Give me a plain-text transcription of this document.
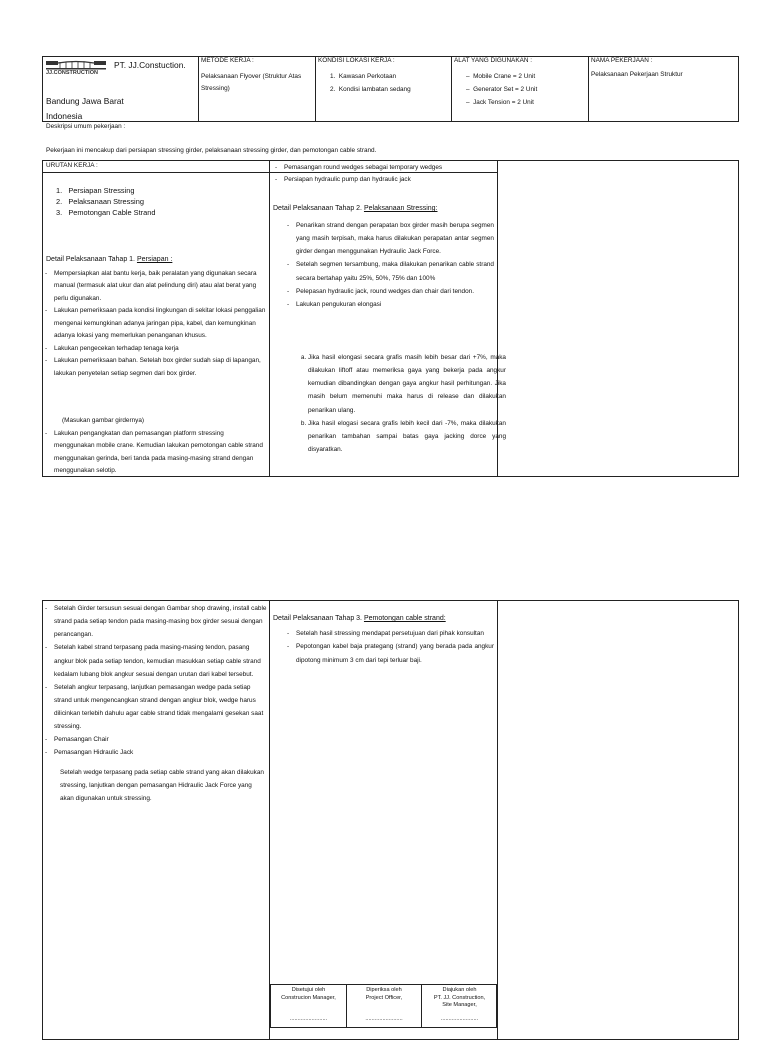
JJ.CONSTRUCTION
PT. JJ.Constuction.
Bandung Jawa Barat
Indonesia
METODE KERJA :
Pelaksanaan Flyover (Struktur Atas Stressing)
KONDISI LOKASI KERJA :
1.  Kawasan Perkotaan
2.  Kondisi lambatan sedang
ALAT YANG DIGUNAKAN :
–  Mobile Crane = 2 Unit
–  Generator Set = 2 Unit
–  Jack Tension = 2 Unit
NAMA PEKERJAAN :
Pelaksanaan Pekerjaan Struktur
Deskripsi umum pekerjaan :
Pekerjaan ini mencakup dari persiapan stressing girder, pelaksanaan stressing girder, dan pemotongan cable strand.
URUTAN KERJA :
1.   Persiapan Stressing
2.   Pelaksanaan Stressing
3.   Pemotongan Cable Strand
Detail Pelaksanaan Tahap 1. Persiapan :
- Mempersiapkan alat bantu kerja, baik peralatan yang digunakan secara manual (termasuk alat ukur dan alat pelindung diri) atau alat berat yang perlu digunakan.
- Lakukan pemeriksaan pada kondisi lingkungan di sekitar lokasi penggalian mengenai kemungkinan adanya jaringan pipa, kabel, dan kemungkinan adanya lokasi yang memerlukan penanganan khusus.
- Lakukan pengecekan terhadap tenaga kerja
- Lakukan pemeriksaan bahan. Setelah box girder sudah siap di lapangan, lakukan penyetelan setiap segmen dari box girder.
(Masukan gambar girdernya)
- Lakukan pengangkatan dan pemasangan platform stressing menggunakan mobile crane. Kemudian lakukan pemotongan cable strand menggunakan gerinda, beri tanda pada masing-masing strand dengan menggunakan selotip.
- Pemasangan round wedges sebagai temporary wedges
- Persiapan hydraulic pump dan hydraulic jack
Detail Pelaksanaan Tahap 2. Pelaksanaan Stressing:
- Penarikan strand dengan perapatan box girder masih berupa segmen yang masih terpisah, maka harus dilakukan perapatan antar segmen girder dengan menggunakan Hydraulic Jack Force.
- Setelah segmen tersambung, maka dilakukan penarikan cable strand secara bertahap yaitu 25%, 50%, 75% dan 100%
- Pelepasan hydraulic jack, round wedges dan chair dari tendon.
- Lakukan pengukuran elongasi
a. Jika hasil elongasi secara grafis masih lebih besar dari +7%, maka dilakukan liftoff atau memeriksa gaya yang bekerja pada angkur kemudian dibandingkan dengan gaya angkur hasil perhitungan. Jika masih belum memenuhi maka harus di release dan dilakukan penarikan ulang.
b. Jika hasil elogasi secara grafis lebih kecil dari -7%, maka dilakukan penarikan tambahan sampai batas gaya jacking dorce yang disyaratkan.
- Setelah Girder tersusun sesuai dengan Gambar shop drawing, install cable strand pada setiap tendon pada masing-masing box girder sesuai dengan perancangan.
- Setelah kabel strand terpasang pada masing-masing tendon, pasang angkur blok pada setiap tendon, kemudian masukkan setiap cable strand kedalam lubang blok angkur sesuai dengan urutan dari kabel tersebut.
- Setelah angkur terpasang, lanjutkan pemasangan wedge pada setiap strand untuk mengencangkan strand dengan angkur blok, wedge harus dilicinkan terlebih dahulu agar cable strand tidak mengalami gesekan saat stressing.
- Pemasangan Chair
- Pemasangan Hidraulic Jack
Setelah wedge terpasang pada setiap cable strand yang akan dilakukan stressing, lanjutkan dengan pemasangan Hidraulic Jack Force yang akan digunakan untuk stressing.
Detail Pelaksanaan Tahap 3. Pemotongan cable strand:
- Setelah hasil stressing mendapat persetujuan dari pihak konsultan
- Pepotongan kabel baja prategang (strand) yang berada pada angkur dipotong minimum 3 cm dari tepi terluar baji.
Disetujui oleh
Construcion Manager,
........................
Diperiksa oleh
Project Officer,
........................
Diajukan oleh
PT. JJ. Construction,
Site Manager,
........................
